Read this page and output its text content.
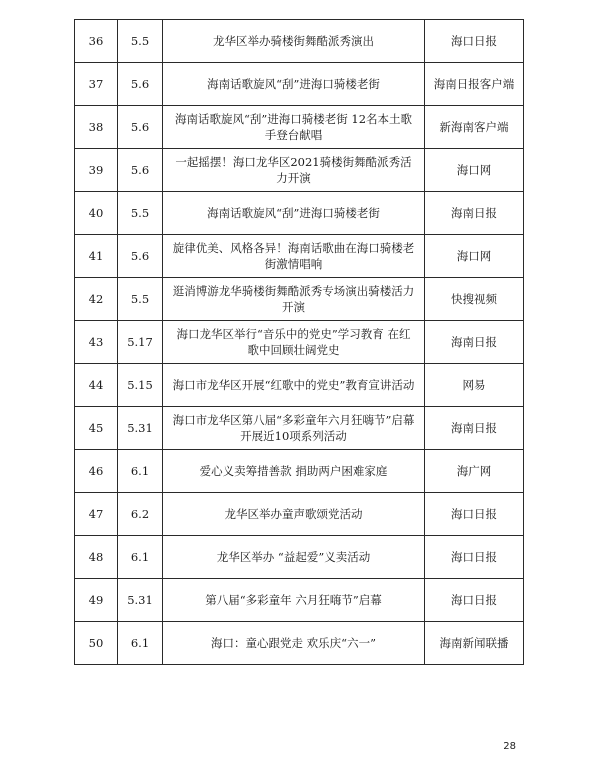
36	5.5	龙华区举办骑楼街舞酷派秀演出	海口日报
37	5.6	海南话歌旋风“刮”进海口骑楼老街	海南日报客户端
38	5.6	海南话歌旋风“刮”进海口骑楼老街 12名本土歌手登台献唱	新海南客户端
39	5.6	一起摇摆！海口龙华区2021骑楼街舞酷派秀活力开演	海口网
40	5.5	海南话歌旋风“刮”进海口骑楼老街	海南日报
41	5.6	旋律优美、风格各异！海南话歌曲在海口骑楼老街激情唱响	海口网
42	5.5	逛消博游龙华骑楼街舞酷派秀专场演出骑楼活力开演	快搜视频
43	5.17	海口龙华区举行“音乐中的党史”学习教育 在红歌中回顾壮阔党史	海南日报
44	5.15	海口市龙华区开展“红歌中的党史”教育宣讲活动	网易
45	5.31	海口市龙华区第八届“多彩童年六月狂嗨节”启幕 开展近10项系列活动	海南日报
46	6.1	爱心义卖筹措善款 捐助两户困难家庭	海广网
47	6.2	龙华区举办童声歌颂党活动	海口日报
48	6.1	龙华区举办 “益起爱”义卖活动	海口日报
49	5.31	第八届“多彩童年 六月狂嗨节”启幕	海口日报
50	6.1	海口：童心跟党走 欢乐庆“六一”	海南新闻联播
28
